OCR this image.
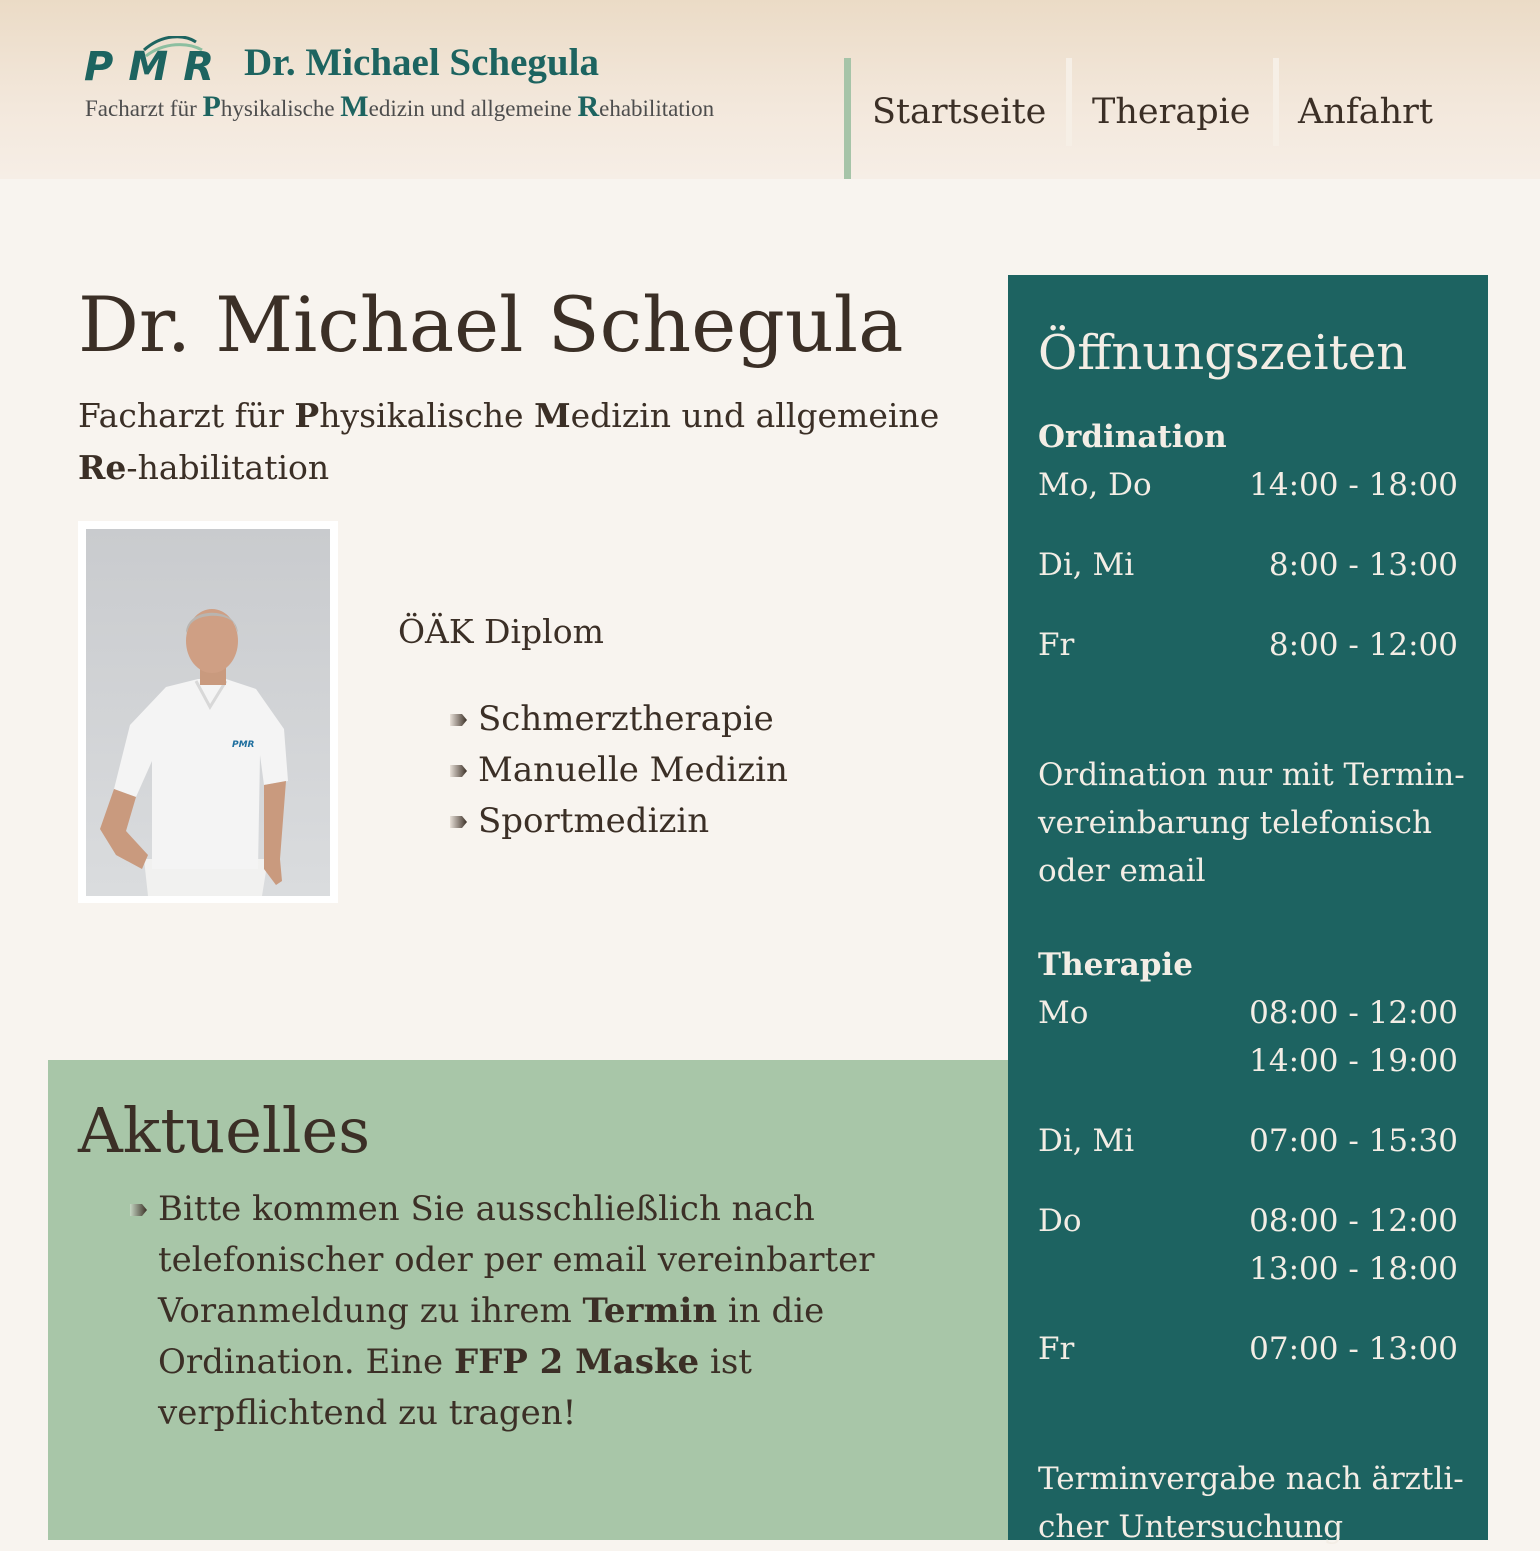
PMR Dr. Michael Schegula
Facharzt für Physikalische Medizin und allgemeine Rehabilitation	Startseite Therapie Anfahrt
Dr. Michael Schegula
Facharzt für Physikalische Medizin und allgemeine Re-habilitation
PMR
ÖÄK Diplom
Schmerztherapie
Manuelle Medizin
Sportmedizin
Aktuelles
Bitte kommen Sie ausschließlich nach telefonischer oder per email vereinbarter Voranmeldung zu ihrem Termin in die Ordination. Eine FFP 2 Maske ist verpflichtend zu tragen!
Öffnungszeiten
Ordination
Mo, Do	14:00 - 18:00
Di, Mi	8:00 - 13:00
Fr	8:00 - 12:00
Ordination nur mit Termin-vereinbarung telefonisch oder email
Therapie
Mo	08:00 - 12:00
14:00 - 19:00
Di, Mi	07:00 - 15:30
Do	08:00 - 12:00
13:00 - 18:00
Fr	07:00 - 13:00
Terminvergabe nach ärztli-cher Untersuchung
